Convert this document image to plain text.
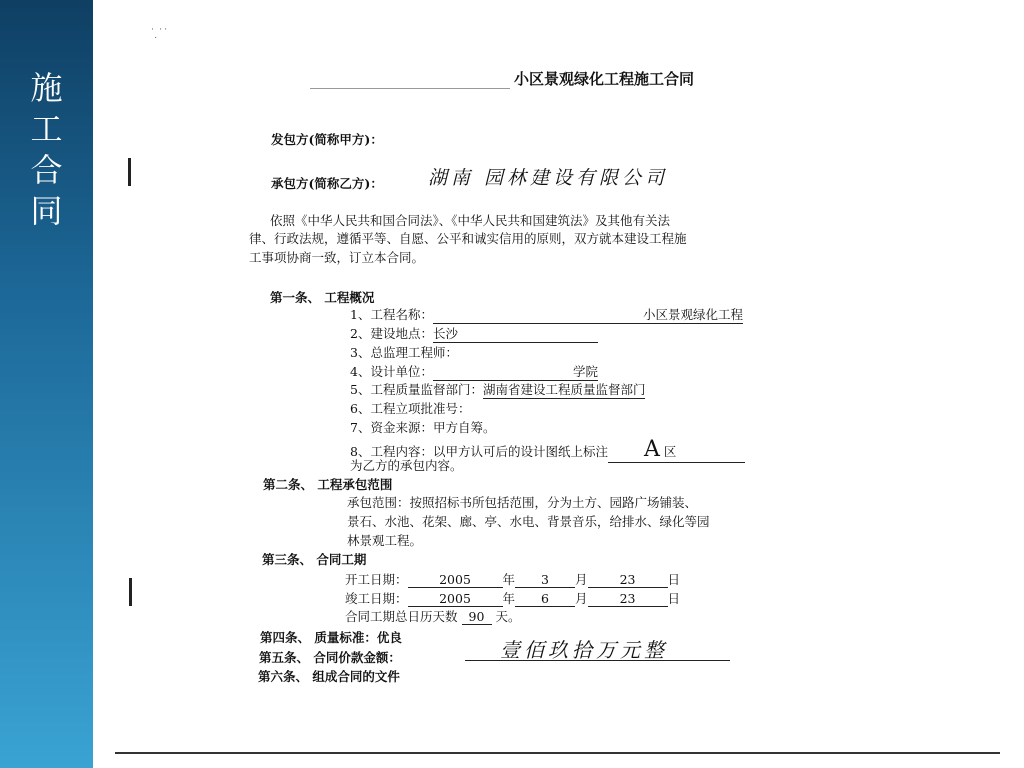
施
工
合
同
˙ ̣˙˙
小区景观绿化工程施工合同
发包方(简称甲方)：
承包方(简称乙方)： 湖南 园林建设有限公司
依照《中华人民共和国合同法》、《中华人民共和国建筑法》及其他有关法
律、行政法规，遵循平等、自愿、公平和诚实信用的原则，双方就本建设工程施
工事项协商一致，订立本合同。
第一条、 工程概况
1、工程名称：	小区景观绿化工程
2、建设地点：长沙
3、总监理工程师：
4、设计单位：	学院
5、工程质量监督部门：湖南省建设工程质量监督部门
6、工程立项批准号：
7、资金来源：甲方自筹。
8、工程内容：以甲方认可后的设计图纸上标注 A区
为乙方的承包内容。
第二条、 工程承包范围
承包范围：按照招标书所包括范围，分为土方、园路广场铺装、
景石、水池、花架、廊、亭、水电、背景音乐，给排水、绿化等园
林景观工程。
第三条、 合同工期
开工日期：	2005	年 3 月	23	日
竣工日期：	2005	年 6 月	23	日
合同工期总日历天数 90 天。
第四条、 质量标准：优良
第五条、 合同价款金额：	壹佰玖拾万元整
第六条、 组成合同的文件
